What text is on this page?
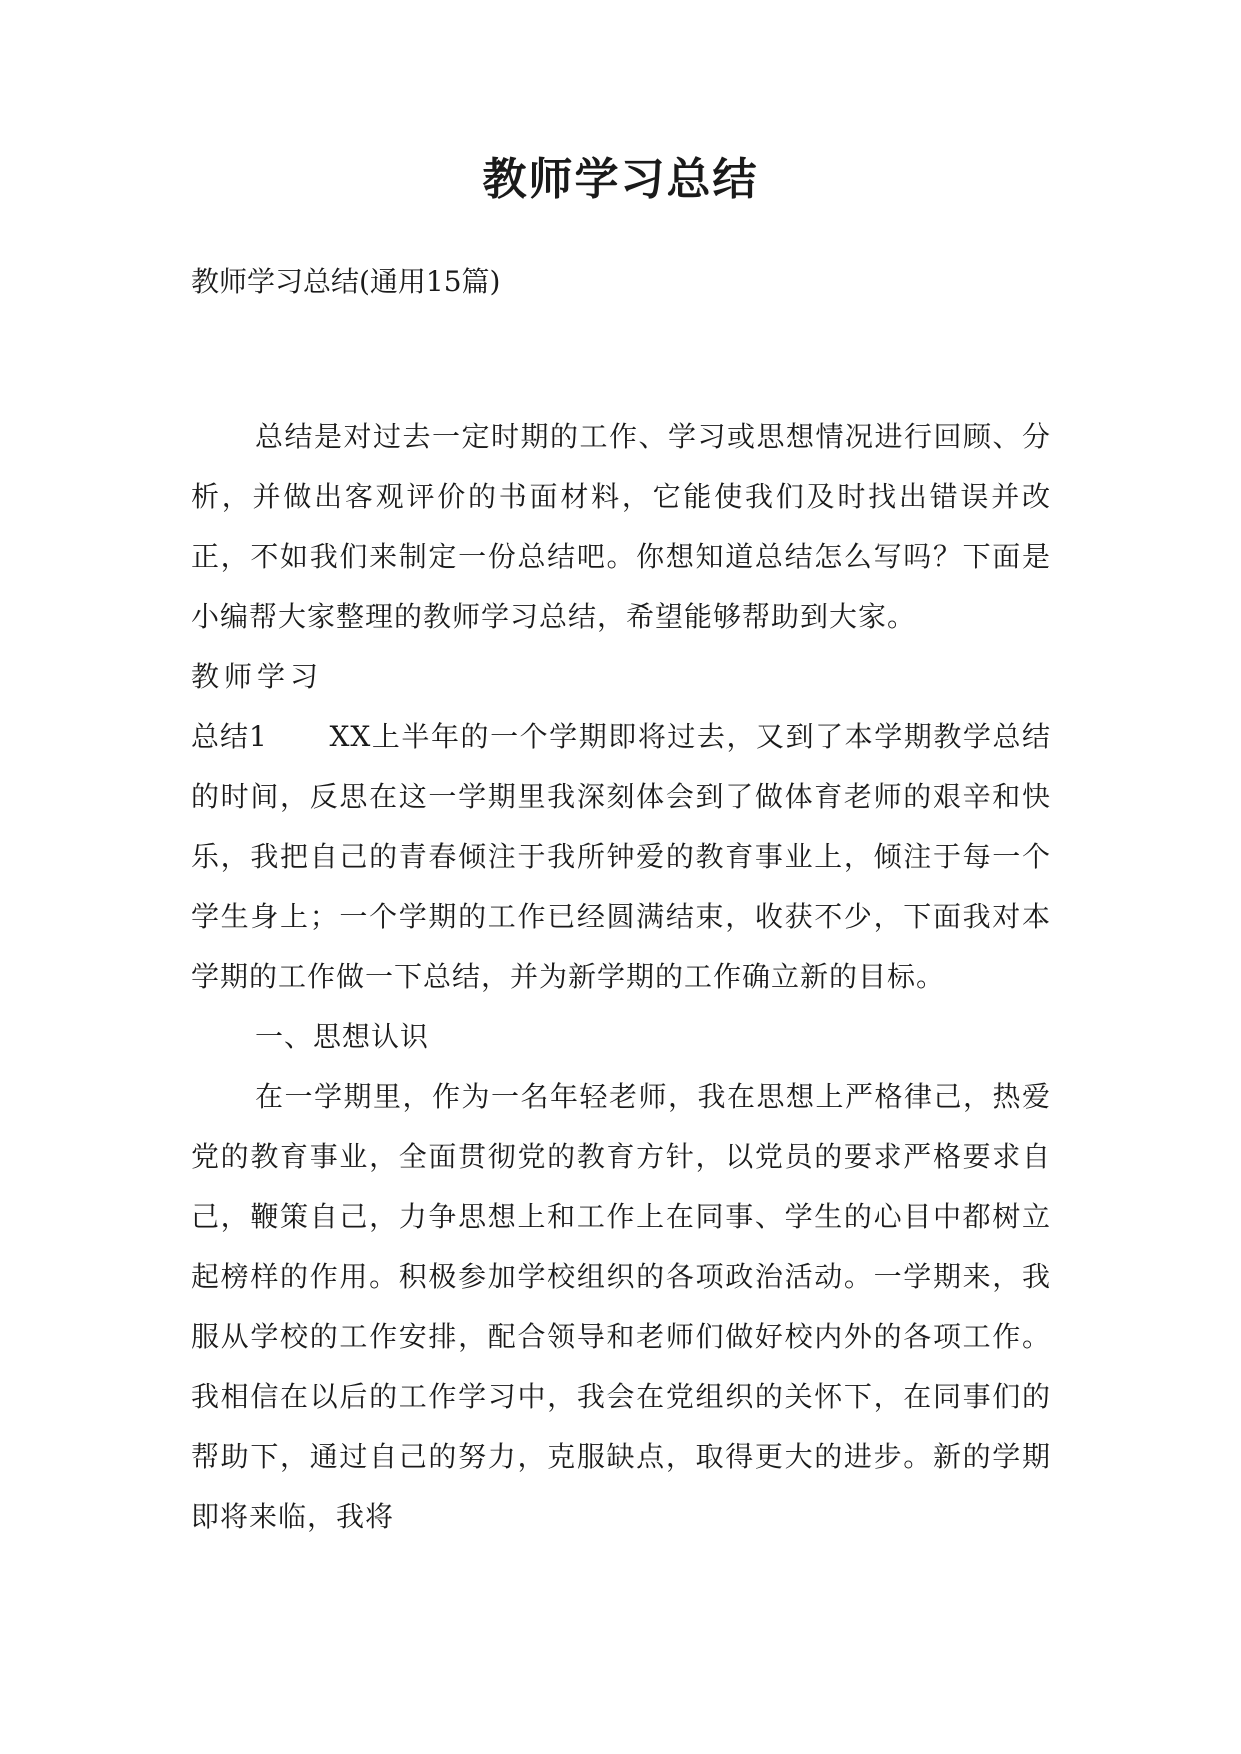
教师学习总结

教师学习总结(通用15篇)

总结是对过去一定时期的工作、学习或思想情况进行回顾、分析，并做出客观评价的书面材料，它能使我们及时找出错误并改正，不如我们来制定一份总结吧。你想知道总结怎么写吗？下面是小编帮大家整理的教师学习总结，希望能够帮助到大家。

教师学习总结1 XX上半年的一个学期即将过去，又到了本学期教学总结的时间，反思在这一学期里我深刻体会到了做体育老师的艰辛和快乐，我把自己的青春倾注于我所钟爱的教育事业上，倾注于每一个学生身上；一个学期的工作已经圆满结束，收获不少，下面我对本学期的工作做一下总结，并为新学期的工作确立新的目标。

一、思想认识

在一学期里，作为一名年轻老师，我在思想上严格律己，热爱党的教育事业，全面贯彻党的教育方针，以党员的要求严格要求自己，鞭策自己，力争思想上和工作上在同事、学生的心目中都树立起榜样的作用。积极参加学校组织的各项政治活动。一学期来，我服从学校的工作安排，配合领导和老师们做好校内外的各项工作。我相信在以后的工作学习中，我会在党组织的关怀下，在同事们的帮助下，通过自己的努力，克服缺点，取得更大的进步。新的学期即将来临，我将
